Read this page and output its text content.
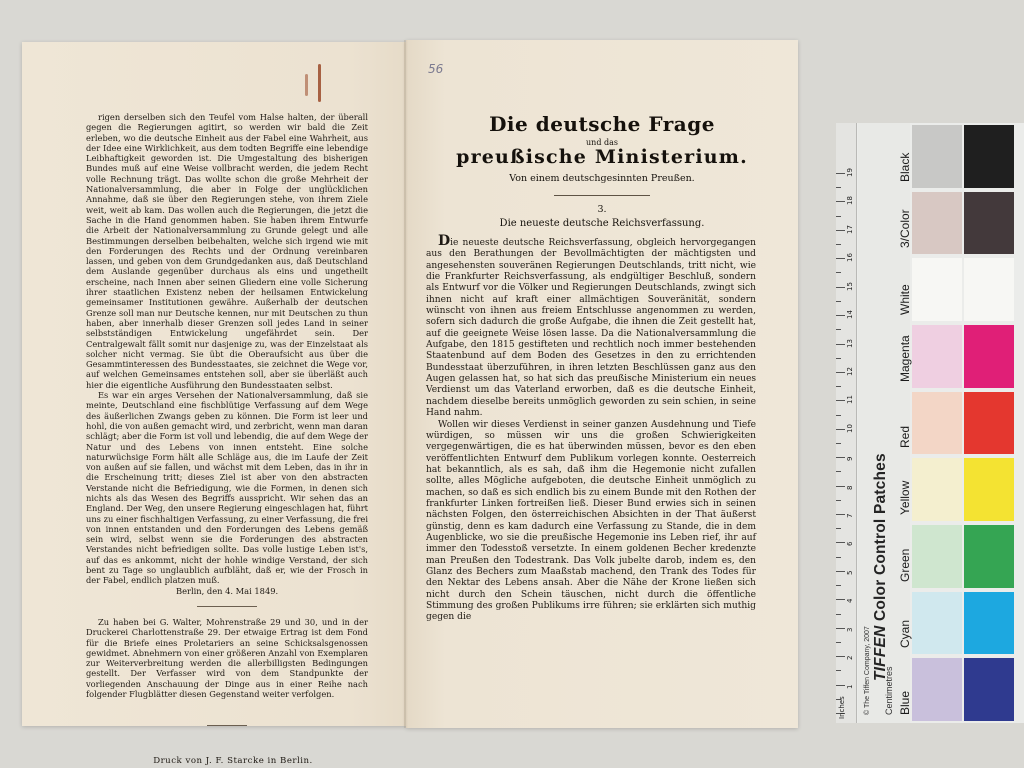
rigen derselben sich den Teufel vom Halse halten, der überall gegen die Regierungen agitirt, so werden wir bald die Zeit erleben, wo die deutsche Einheit aus der Fabel eine Wahrheit, aus der Idee eine Wirklichkeit, aus dem todten Begriffe eine lebendige Leibhaftigkeit geworden ist. Die Umgestaltung des bisherigen Bundes muß auf eine Weise vollbracht werden, die jedem Recht volle Rechnung trägt. Das wollte schon die große Mehrheit der Nationalversammlung, die aber in Folge der unglücklichen Annahme, daß sie über den Regierungen stehe, von ihrem Ziele weit, weit ab kam. Das wollen auch die Regierungen, die jetzt die Sache in die Hand genommen haben. Sie haben ihrem Entwurfe die Arbeit der Nationalversammlung zu Grunde gelegt und alle Bestimmungen derselben beibehalten, welche sich irgend wie mit den Forderungen des Rechts und der Ordnung vereinbaren lassen, und geben von dem Grundgedanken aus, daß Deutschland dem Auslande gegenüber durchaus als eins und ungetheilt erscheine, nach Innen aber seinen Gliedern eine volle Sicherung ihrer staatlichen Existenz neben der heilsamen Entwickelung gemeinsamer Institutionen gewähre. Außerhalb der deutschen Grenze soll man nur Deutsche kennen, nur mit Deutschen zu thun haben, aber innerhalb dieser Grenzen soll jedes Land in seiner selbstständigen Entwickelung ungefährdet sein. Der Centralgewalt fällt somit nur dasjenige zu, was der Einzelstaat als solcher nicht vermag. Sie übt die Oberaufsicht aus über die Gesammtinteressen des Bundesstaates, sie zeichnet die Wege vor, auf welchen Gemeinsames entstehen soll, aber sie überläßt auch hier die eigentliche Ausführung den Bundesstaaten selbst.

Es war ein arges Versehen der Nationalversammlung, daß sie meinte, Deutschland eine fischblütige Verfassung auf dem Wege des äußerlichen Zwangs geben zu können. Die Form ist leer und hohl, die von außen gemacht wird, und zerbricht, wenn man daran schlägt; aber die Form ist voll und lebendig, die auf dem Wege der Natur und des Lebens von innen entsteht. Eine solche naturwüchsige Form hält alle Schläge aus, die im Laufe der Zeit von außen auf sie fallen, und wächst mit dem Leben, das in ihr in die Erscheinung tritt; dieses Ziel ist aber von den abstracten Verstande nicht die Befriedigung, wie die Formen, in denen sich nichts als das Wesen des Begriffs ausspricht. Wir sehen das an England. Der Weg, den unsere Regierung eingeschlagen hat, führt uns zu einer fischhaltigen Verfassung, zu einer Verfassung, die frei von innen entstanden und den Forderungen des Lebens gemäß sein wird, selbst wenn sie die Forderungen des abstracten Verstandes nicht befriedigen sollte. Das volle lustige Leben ist's, auf das es ankommt, nicht der hohle windige Verstand, der sich bent zu Tage so unglaublich aufbläht, daß er, wie der Frosch in der Fabel, endlich platzen muß.

Berlin, den 4. Mai 1849.

Zu haben bei G. Walter, Mohrenstraße 29 und 30, und in der Druckerei Charlottenstraße 29. Der etwaige Ertrag ist dem Fond für die Briefe eines Proletariers an seine Schicksalsgenossen gewidmet. Abnehmern von einer größeren Anzahl von Exemplaren zur Weiterverbreitung werden die allerbilligsten Bedingungen gestellt. Der Verfasser wird von dem Standpunkte der vorliegenden Anschauung der Dinge aus in einer Reihe nach folgender Flugblätter diesen Gegenstand weiter verfolgen.

Druck von J. F. Starcke in Berlin.

56
Die deutsche Frage
und das
preußische Ministerium.
Von einem deutschgesinnten Preußen.
3.
Die neueste deutsche Reichsverfassung.

Die neueste deutsche Reichsverfassung, obgleich hervorgegangen aus den Berathungen der Bevollmächtigten der mächtigsten und angesehensten souveränen Regierungen Deutschlands, tritt nicht, wie die Frankfurter Reichsverfassung, als endgültiger Beschluß, sondern als Entwurf vor die Völker und Regierungen Deutschlands, zwingt sich ihnen nicht auf kraft einer allmächtigen Souveränität, sondern wünscht von ihnen aus freiem Entschlusse angenommen zu werden, sofern sich dadurch die große Aufgabe, die ihnen die Zeit gestellt hat, auf die geeignete Weise lösen lasse. Da die Nationalversammlung die Aufgabe, den 1815 gestifteten und rechtlich noch immer bestehenden Staatenbund auf dem Boden des Gesetzes in den zu errichtenden Bundesstaat überzuführen, in ihren letzten Beschlüssen ganz aus den Augen gelassen hat, so hat sich das preußische Ministerium ein neues Verdienst um das Vaterland erworben, daß es die deutsche Einheit, nachdem dieselbe bereits unmöglich geworden zu sein schien, in seine Hand nahm.

Wollen wir dieses Verdienst in seiner ganzen Ausdehnung und Tiefe würdigen, so müssen wir uns die großen Schwierigkeiten vergegenwärtigen, die es hat überwinden müssen, bevor es den eben veröffentlichten Entwurf dem Publikum vorlegen konnte. Oesterreich hat bekanntlich, als es sah, daß ihm die Hegemonie nicht zufallen sollte, alles Mögliche aufgeboten, die deutsche Einheit unmöglich zu machen, so daß es sich endlich bis zu einem Bunde mit den Rothen der frankfurter Linken fortreißen ließ. Dieser Bund erwies sich in seinen nächsten Folgen, den österreichischen Absichten in der That äußerst günstig, denn es kam dadurch eine Verfassung zu Stande, die in dem Augenblicke, wo sie die preußische Hegemonie ins Leben rief, ihr auf immer den Todesstoß versetzte. In einem goldenen Becher kredenzte man Preußen den Todestrank. Das Volk jubelte darob, indem es, den Glanz des Bechers zum Maaßstab machend, den Trank des Todes für den Nektar des Lebens ansah. Aber die Nähe der Krone ließen sich nicht durch den Schein täuschen, nicht durch die öffentliche Stimmung des großen Publikums irre führen; sie erklärten sich muthig gegen die

1
2
3
4
5
6
7
8
9
10
11
12
13
14
15
16
17
18
19
Inches	© The Tiffen Company, 2007 Centimetres
TIFFEN Color Control Patches
Blue
Cyan
Green
Yellow
Red
Magenta
White
3/Color
Black
